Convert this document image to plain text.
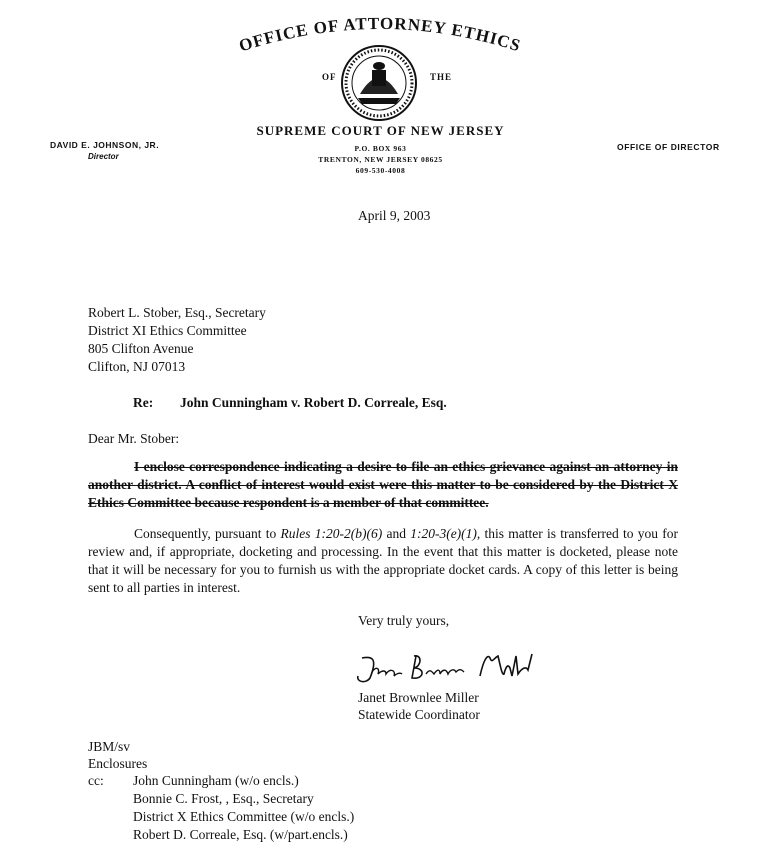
OFFICE OF ATTORNEY ETHICS
OF	THE
SUPREME COURT OF NEW JERSEY
P.O. BOX 963
TRENTON, NEW JERSEY 08625
609-530-4008
DAVID E. JOHNSON, JR.
Director
OFFICE OF DIRECTOR
April 9, 2003
Robert L. Stober, Esq., Secretary
District XI Ethics Committee
805 Clifton Avenue
Clifton, NJ 07013
Re: John Cunningham v. Robert D. Correale, Esq.
Dear Mr. Stober:
I enclose correspondence indicating a desire to file an ethics grievance against an attorney in another district. A conflict of interest would exist were this matter to be considered by the District X Ethics Committee because respondent is a member of that committee.
Consequently, pursuant to Rules 1:20-2(b)(6) and 1:20-3(e)(1), this matter is transferred to you for review and, if appropriate, docketing and processing. In the event that this matter is docketed, please note that it will be necessary for you to furnish us with the appropriate docket cards. A copy of this letter is being sent to all parties in interest.
Very truly yours,
Janet Brownlee Miller
Statewide Coordinator
JBM/sv
Enclosures
cc: John Cunningham (w/o encls.)
Bonnie C. Frost, , Esq., Secretary
District X Ethics Committee (w/o encls.)
Robert D. Correale, Esq. (w/part.encls.)
